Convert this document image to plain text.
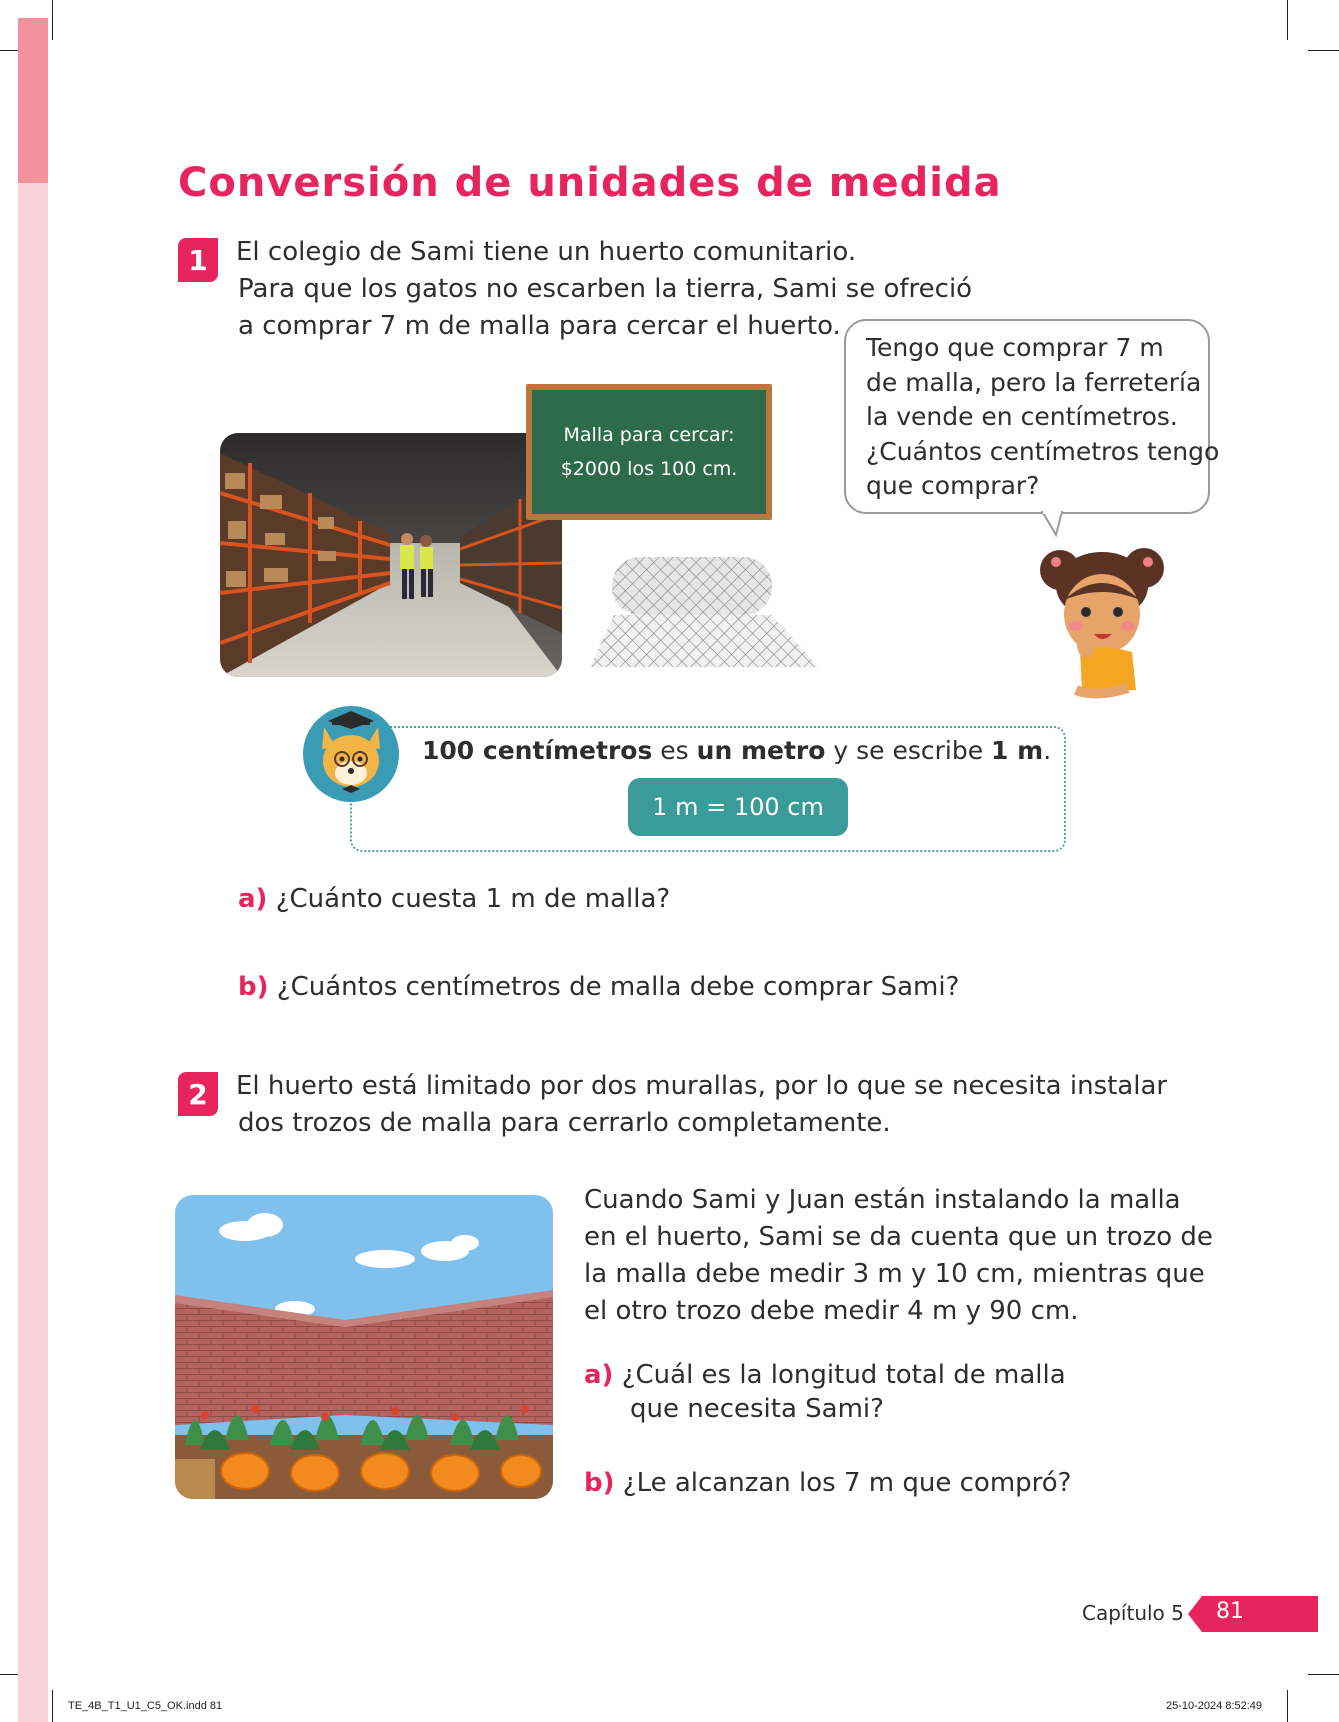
Conversión de unidades de medida
1	El colegio de Sami tiene un huerto comunitario.
Para que los gatos no escarben la tierra, Sami se ofreció
a comprar 7 m de malla para cercar el huerto.
Malla para cercar:
$2000 los 100 cm.
Tengo que comprar 7 m
de malla, pero la ferretería
la vende en centímetros.
¿Cuántos centímetros tengo
que comprar?
100 centímetros es un metro y se escribe 1 m.
1 m = 100 cm
a) ¿Cuánto cuesta 1 m de malla?
b) ¿Cuántos centímetros de malla debe comprar Sami?
2	El huerto está limitado por dos murallas, por lo que se necesita instalar
dos trozos de malla para cerrarlo completamente.
Cuando Sami y Juan están instalando la malla
en el huerto, Sami se da cuenta que un trozo de
la malla debe medir 3 m y 10 cm, mientras que
el otro trozo debe medir 4 m y 90 cm.
a) ¿Cuál es la longitud total de malla
que necesita Sami?
b) ¿Le alcanzan los 7 m que compró?
Capítulo 5 81
TE_4B_T1_U1_C5_OK.indd 81	25-10-2024 8:52:49
